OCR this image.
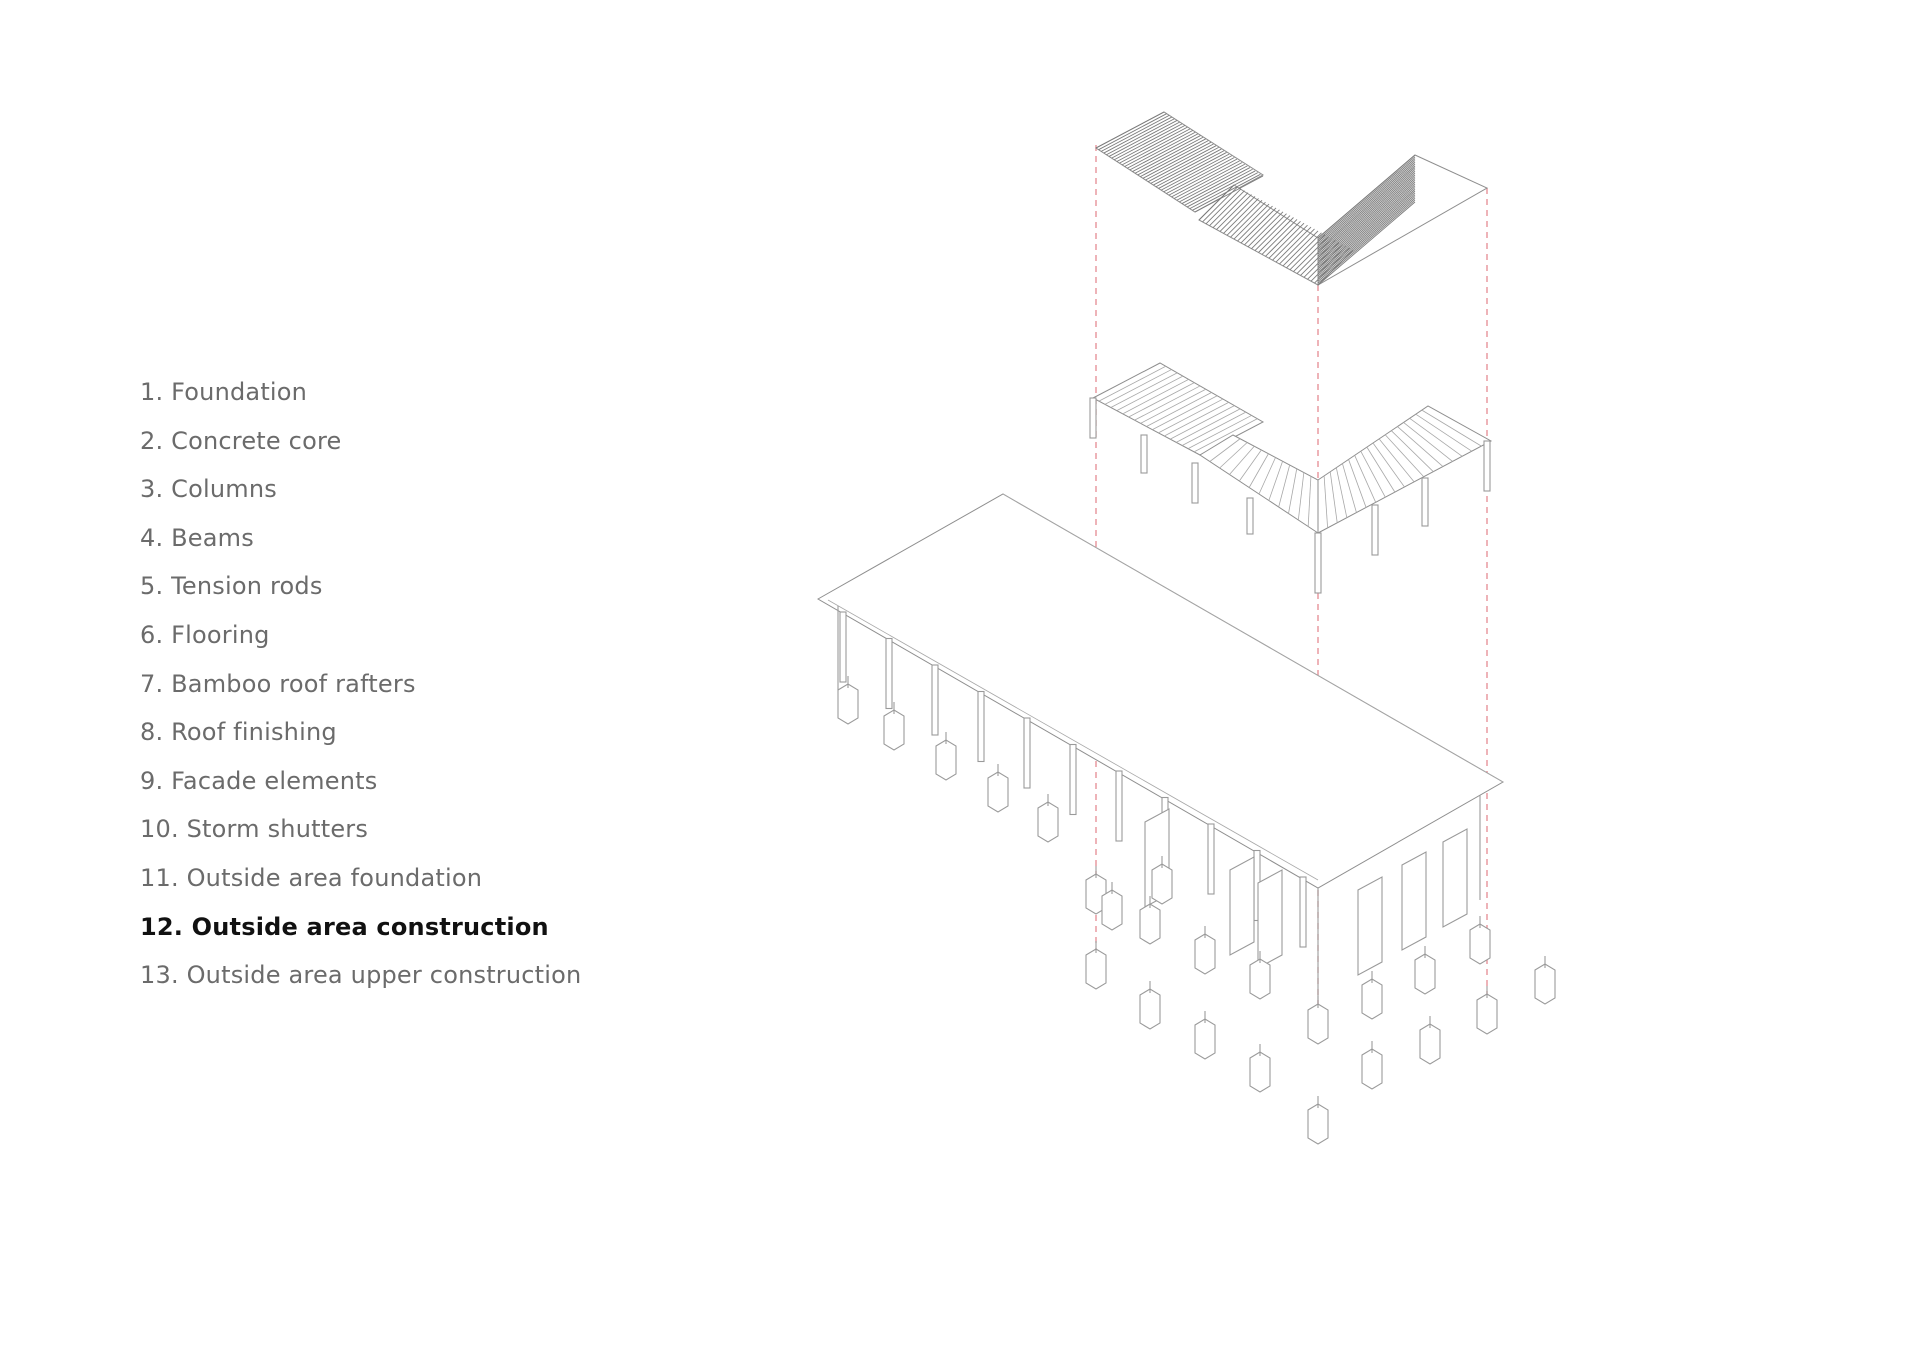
1. Foundation
2. Concrete core
3. Columns
4. Beams
5. Tension rods
6. Flooring
7. Bamboo roof rafters
8. Roof finishing
9. Facade elements
10. Storm shutters
11. Outside area foundation
12. Outside area construction
13. Outside area upper construction
